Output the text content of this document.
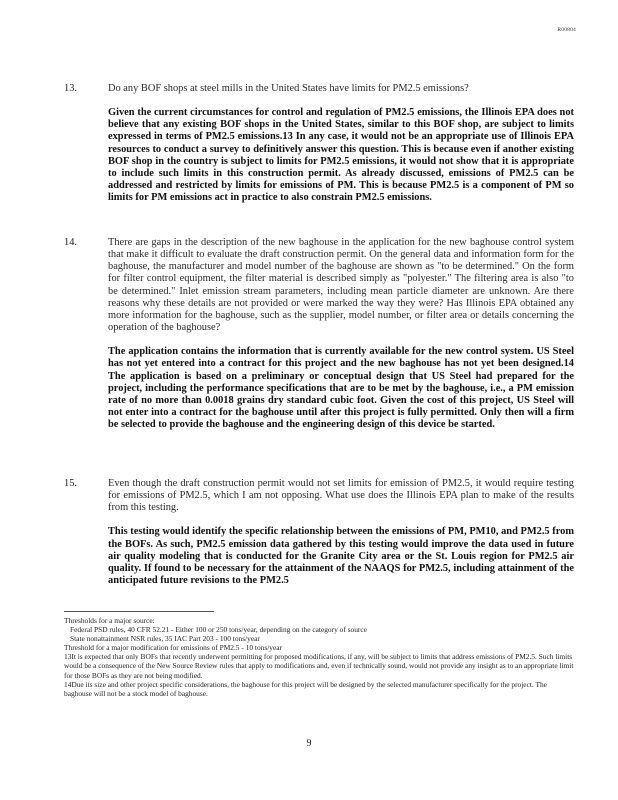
R00804
13.	Do any BOF shops at steel mills in the United States have limits for PM2.5 emissions?

Given the current circumstances for control and regulation of PM2.5 emissions, the Illinois EPA does not believe that any existing BOF shops in the United States, similar to this BOF shop, are subject to limits expressed in terms of PM2.5 emissions.13 In any case, it would not be an appropriate use of Illinois EPA resources to conduct a survey to definitively answer this question. This is because even if another existing BOF shop in the country is subject to limits for PM2.5 emissions, it would not show that it is appropriate to include such limits in this construction permit. As already discussed, emissions of PM2.5 can be addressed and restricted by limits for emissions of PM. This is because PM2.5 is a component of PM so limits for PM emissions act in practice to also constrain PM2.5 emissions.

14.	There are gaps in the description of the new baghouse in the application for the new baghouse control system that make it difficult to evaluate the draft construction permit. On the general data and information form for the baghouse, the manufacturer and model number of the baghouse are shown as "to be determined." On the form for filter control equipment, the filter material is described simply as "polyester." The filtering area is also "to be determined." Inlet emission stream parameters, including mean particle diameter are unknown. Are there reasons why these details are not provided or were marked the way they were? Has Illinois EPA obtained any more information for the baghouse, such as the supplier, model number, or filter area or details concerning the operation of the baghouse?

The application contains the information that is currently available for the new control system. US Steel has not yet entered into a contract for this project and the new baghouse has not yet been designed.14 The application is based on a preliminary or conceptual design that US Steel had prepared for the project, including the performance specifications that are to be met by the baghouse, i.e., a PM emission rate of no more than 0.0018 grains dry standard cubic foot. Given the cost of this project, US Steel will not enter into a contract for the baghouse until after this project is fully permitted. Only then will a firm be selected to provide the baghouse and the engineering design of this device be started.

15.	Even though the draft construction permit would not set limits for emission of PM2.5, it would require testing for emissions of PM2.5, which I am not opposing. What use does the Illinois EPA plan to make of the results from this testing.

This testing would identify the specific relationship between the emissions of PM, PM10, and PM2.5 from the BOFs. As such, PM2.5 emission data gathered by this testing would improve the data used in future air quality modeling that is conducted for the Granite City area or the St. Louis region for PM2.5 air quality. If found to be necessary for the attainment of the NAAQS for PM2.5, including attainment of the anticipated future revisions to the PM2.5

Thresholds for a major source:

Federal PSD rules, 40 CFR 52.21 - Either 100 or 250 tons/year, depending on the category of source

State nonattainment NSR rules, 35 IAC Part 203 - 100 tons/year

Threshold for a major modification for emissions of PM2.5 - 10 tons/year

13It is expected that only BOFs that recently underwent permitting for proposed modifications, if any, will be subject to limits that address emissions of PM2.5. Such limits would be a consequence of the New Source Review rules that apply to modifications and, even if technically sound, would not provide any insight as to an appropriate limit for those BOFs as they are not being modified.

14Due its size and other project specific considerations, the baghouse for this project will be designed by the selected manufacturer specifically for the project. The baghouse will not be a stock model of baghouse.

9
